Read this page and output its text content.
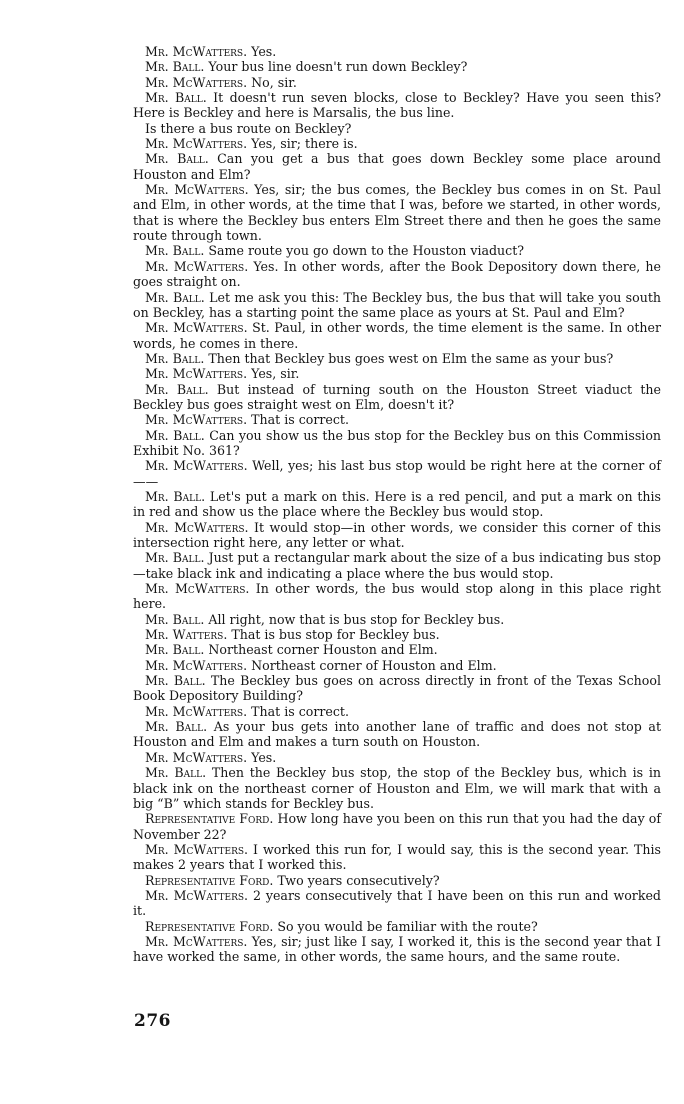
Mr. McWatters. Yes.

Mr. Ball. Your bus line doesn't run down Beckley?

Mr. McWatters. No, sir.

Mr. Ball. It doesn't run seven blocks, close to Beckley? Have you seen this? Here is Beckley and here is Marsalis, the bus line.

Is there a bus route on Beckley?

Mr. McWatters. Yes, sir; there is.

Mr. Ball. Can you get a bus that goes down Beckley some place around Houston and Elm?

Mr. McWatters. Yes, sir; the bus comes, the Beckley bus comes in on St. Paul and Elm, in other words, at the time that I was, before we started, in other words, that is where the Beckley bus enters Elm Street there and then he goes the same route through town.

Mr. Ball. Same route you go down to the Houston viaduct?

Mr. McWatters. Yes. In other words, after the Book Depository down there, he goes straight on.

Mr. Ball. Let me ask you this: The Beckley bus, the bus that will take you south on Beckley, has a starting point the same place as yours at St. Paul and Elm?

Mr. McWatters. St. Paul, in other words, the time element is the same. In other words, he comes in there.

Mr. Ball. Then that Beckley bus goes west on Elm the same as your bus?

Mr. McWatters. Yes, sir.

Mr. Ball. But instead of turning south on the Houston Street viaduct the Beckley bus goes straight west on Elm, doesn't it?

Mr. McWatters. That is correct.

Mr. Ball. Can you show us the bus stop for the Beckley bus on this Commission Exhibit No. 361?

Mr. McWatters. Well, yes; his last bus stop would be right here at the corner of——

Mr. Ball. Let's put a mark on this. Here is a red pencil, and put a mark on this in red and show us the place where the Beckley bus would stop.

Mr. McWatters. It would stop—in other words, we consider this corner of this intersection right here, any letter or what.

Mr. Ball. Just put a rectangular mark about the size of a bus indicating bus stop—take black ink and indicating a place where the bus would stop.

Mr. McWatters. In other words, the bus would stop along in this place right here.

Mr. Ball. All right, now that is bus stop for Beckley bus.

Mr. Watters. That is bus stop for Beckley bus.

Mr. Ball. Northeast corner Houston and Elm.

Mr. McWatters. Northeast corner of Houston and Elm.

Mr. Ball. The Beckley bus goes on across directly in front of the Texas School Book Depository Building?

Mr. McWatters. That is correct.

Mr. Ball. As your bus gets into another lane of traffic and does not stop at Houston and Elm and makes a turn south on Houston.

Mr. McWatters. Yes.

Mr. Ball. Then the Beckley bus stop, the stop of the Beckley bus, which is in black ink on the northeast corner of Houston and Elm, we will mark that with a big “B” which stands for Beckley bus.

Representative Ford. How long have you been on this run that you had the day of November 22?

Mr. McWatters. I worked this run for, I would say, this is the second year. This makes 2 years that I worked this.

Representative Ford. Two years consecutively?

Mr. McWatters. 2 years consecutively that I have been on this run and worked it.

Representative Ford. So you would be familiar with the route?

Mr. McWatters. Yes, sir; just like I say, I worked it, this is the second year that I have worked the same, in other words, the same hours, and the same route.

276
